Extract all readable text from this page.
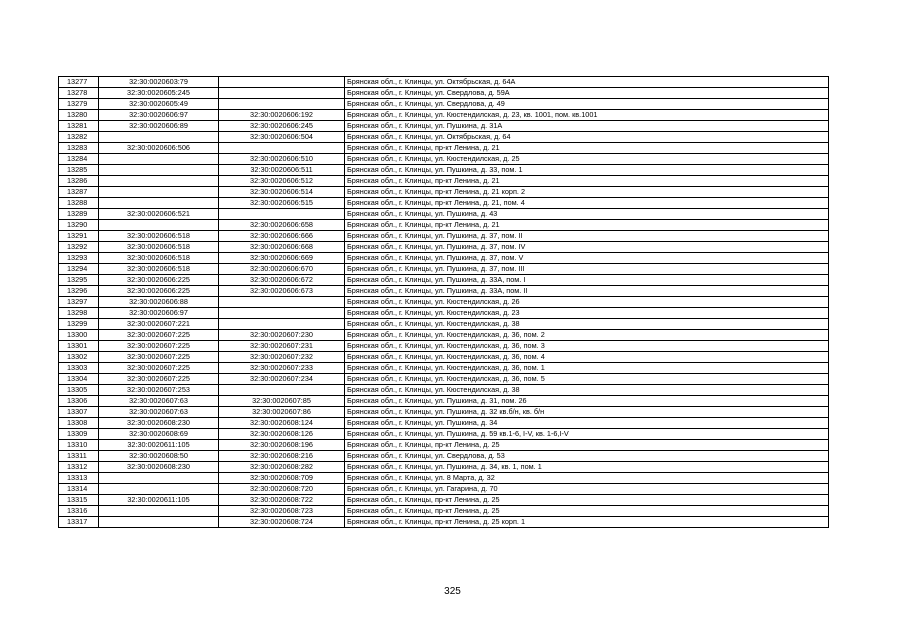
13277	32:30:0020603:79		Брянская обл., г. Клинцы, ул. Октябрьская, д. 64А
13278	32:30:0020605:245		Брянская обл., г. Клинцы, ул. Свердлова, д. 59А
13279	32:30:0020605:49		Брянская обл., г. Клинцы, ул. Свердлова, д. 49
13280	32:30:0020606:97	32:30:0020606:192	Брянская обл., г. Клинцы, ул. Кюстендилская, д. 23, кв. 1001, пом. кв.1001
13281	32:30:0020606:89	32:30:0020606:245	Брянская обл., г. Клинцы, ул. Пушкина, д. 31А
13282		32:30:0020606:504	Брянская обл., г. Клинцы, ул. Октябрьская, д. 64
13283	32:30:0020606:506		Брянская обл., г. Клинцы, пр-кт Ленина, д. 21
13284		32:30:0020606:510	Брянская обл., г. Клинцы, ул. Кюстендилская, д. 25
13285		32:30:0020606:511	Брянская обл., г. Клинцы, ул. Пушкина, д. 33, пом. 1
13286		32:30:0020606:512	Брянская обл., г. Клинцы, пр-кт Ленина, д. 21
13287		32:30:0020606:514	Брянская обл., г. Клинцы, пр-кт Ленина, д. 21 корп. 2
13288		32:30:0020606:515	Брянская обл., г. Клинцы, пр-кт Ленина, д. 21, пом. 4
13289	32:30:0020606:521		Брянская обл., г. Клинцы, ул. Пушкина, д. 43
13290		32:30:0020606:658	Брянская обл., г. Клинцы, пр-кт Ленина, д. 21
13291	32:30:0020606:518	32:30:0020606:666	Брянская обл., г. Клинцы, ул. Пушкина, д. 37, пом. II
13292	32:30:0020606:518	32:30:0020606:668	Брянская обл., г. Клинцы, ул. Пушкина, д. 37, пом. IV
13293	32:30:0020606:518	32:30:0020606:669	Брянская обл., г. Клинцы, ул. Пушкина, д. 37, пом. V
13294	32:30:0020606:518	32:30:0020606:670	Брянская обл., г. Клинцы, ул. Пушкина, д. 37, пом. III
13295	32:30:0020606:225	32:30:0020606:672	Брянская обл., г. Клинцы, ул. Пушкина, д. 33А, пом. I
13296	32:30:0020606:225	32:30:0020606:673	Брянская обл., г. Клинцы, ул. Пушкина, д. 33А, пом. II
13297	32:30:0020606:88		Брянская обл., г. Клинцы, ул. Кюстендилская, д. 26
13298	32:30:0020606:97		Брянская обл., г. Клинцы, ул. Кюстендилская, д. 23
13299	32:30:0020607:221		Брянская обл., г. Клинцы, ул. Кюстендилская, д. 38
13300	32:30:0020607:225	32:30:0020607:230	Брянская обл., г. Клинцы, ул. Кюстендилская, д. 36, пом. 2
13301	32:30:0020607:225	32:30:0020607:231	Брянская обл., г. Клинцы, ул. Кюстендилская, д. 36, пом. 3
13302	32:30:0020607:225	32:30:0020607:232	Брянская обл., г. Клинцы, ул. Кюстендилская, д. 36, пом. 4
13303	32:30:0020607:225	32:30:0020607:233	Брянская обл., г. Клинцы, ул. Кюстендилская, д. 36, пом. 1
13304	32:30:0020607:225	32:30:0020607:234	Брянская обл., г. Клинцы, ул. Кюстендилская, д. 36, пом. 5
13305	32:30:0020607:253		Брянская обл., г. Клинцы, ул. Кюстендилская, д. 38
13306	32:30:0020607:63	32:30:0020607:85	Брянская обл., г. Клинцы, ул. Пушкина, д. 31, пом. 26
13307	32:30:0020607:63	32:30:0020607:86	Брянская обл., г. Клинцы, ул. Пушкина, д. 32 кв.б/н, кв. б/н
13308	32:30:0020608:230	32:30:0020608:124	Брянская обл., г. Клинцы, ул. Пушкина, д. 34
13309	32:30:0020608:69	32:30:0020608:126	Брянская обл., г. Клинцы, ул. Пушкина, д. 59 кв.1-6, I-V, кв. 1-6,I-V
13310	32:30:0020611:105	32:30:0020608:196	Брянская обл., г. Клинцы, пр-кт Ленина, д. 25
13311	32:30:0020608:50	32:30:0020608:216	Брянская обл., г. Клинцы, ул. Свердлова, д. 53
13312	32:30:0020608:230	32:30:0020608:282	Брянская обл., г. Клинцы, ул. Пушкина, д. 34, кв. 1, пом. 1
13313		32:30:0020608:709	Брянская обл., г. Клинцы, ул. 8 Марта, д. 32
13314		32:30:0020608:720	Брянская обл., г. Клинцы, ул. Гагарина, д. 70
13315	32:30:0020611:105	32:30:0020608:722	Брянская обл., г. Клинцы, пр-кт Ленина, д. 25
13316		32:30:0020608:723	Брянская обл., г. Клинцы, пр-кт Ленина, д. 25
13317		32:30:0020608:724	Брянская обл., г. Клинцы, пр-кт Ленина, д. 25 корп. 1
325
